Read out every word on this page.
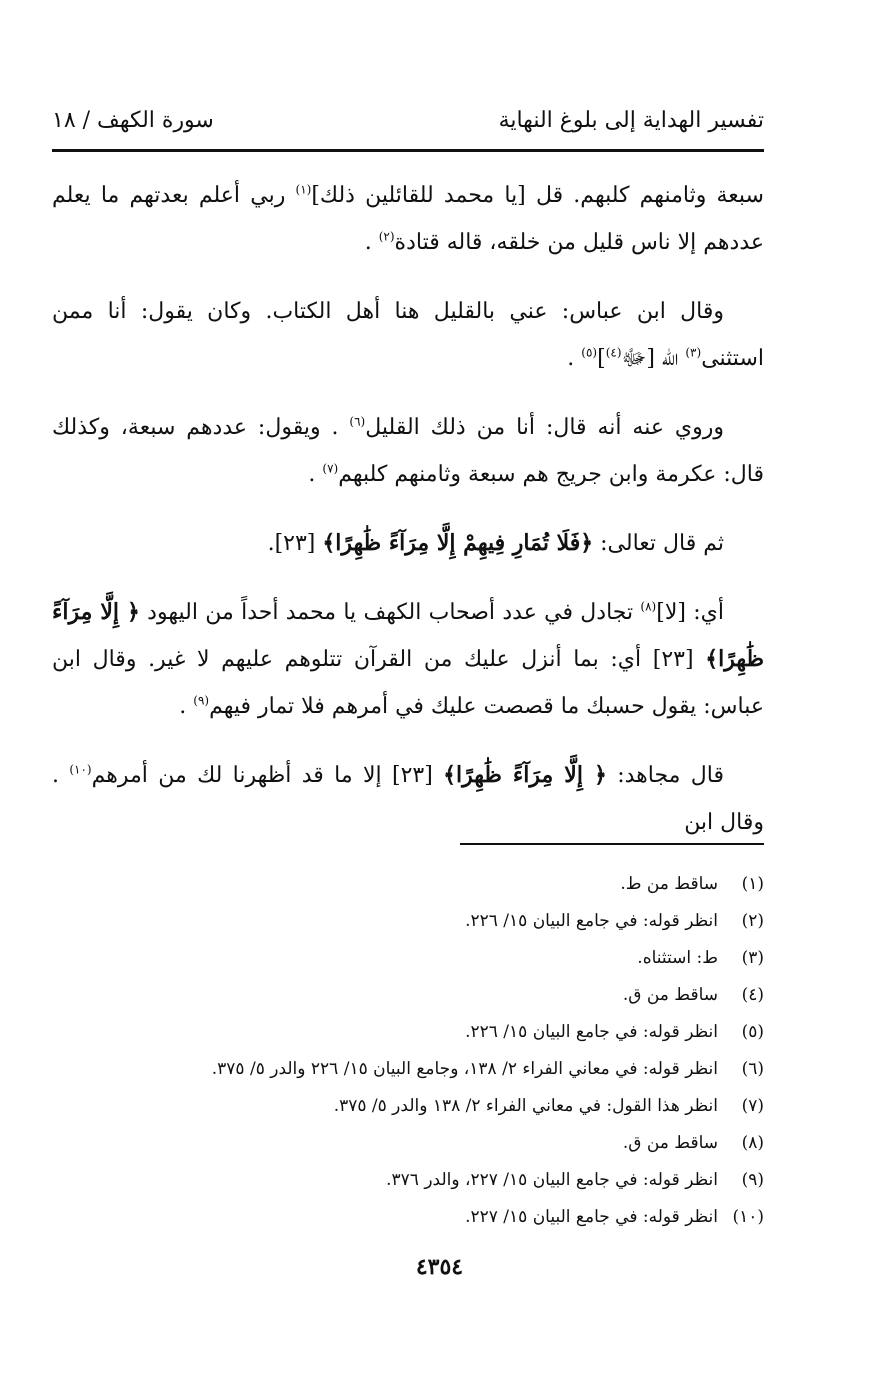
تفسير الهداية إلى بلوغ النهاية
سورة الكهف / ١٨

سبعة وثامنهم كلبهم. قل [يا محمد للقائلين ذلك]$^{(١)}$ ربي أعلم بعدتهم ما يعلم عددهم إلا ناس قليل من خلقه، قاله قتادة$^{(٢)}$ .

وقال ابن عباس: عني بالقليل هنا أهل الكتاب. وكان يقول: أنا ممن استثنى$^{(٣)}$ الله [ﷻ$^{(٤)}$]$^{(٥)}$ .

وروي عنه أنه قال: أنا من ذلك القليل$^{(٦)}$ . ويقول: عددهم سبعة، وكذلك قال: عكرمة وابن جريج هم سبعة وثامنهم كلبهم$^{(٧)}$ .

ثم قال تعالى: ﴿فَلَا تُمَارِ فِيهِمْ إِلَّا مِرَآءً ظَٰهِرًا﴾ [٢٣].

أي: [لا]$^{(٨)}$ تجادل في عدد أصحاب الكهف يا محمد أحداً من اليهود ﴿ إِلَّا مِرَآءً ظَٰهِرًا﴾ [٢٣] أي: بما أنزل عليك من القرآن تتلوهم عليهم لا غير. وقال ابن عباس: يقول حسبك ما قصصت عليك في أمرهم فلا تمار فيهم$^{(٩)}$ .

قال مجاهد: ﴿ إِلَّا مِرَآءً ظَٰهِرًا﴾ [٢٣] إلا ما قد أظهرنا لك من أمرهم$^{(١٠)}$ . وقال ابن

(١)ساقط من ط.
(٢)انظر قوله: في جامع البيان ١٥/ ٢٢٦.
(٣)ط: استثناه.
(٤)ساقط من ق.
(٥)انظر قوله: في جامع البيان ١٥/ ٢٢٦.
(٦)انظر قوله: في معاني الفراء ٢/ ١٣٨، وجامع البيان ١٥/ ٢٢٦ والدر ٥/ ٣٧٥.
(٧)انظر هذا القول: في معاني الفراء ٢/ ١٣٨ والدر ٥/ ٣٧٥.
(٨)ساقط من ق.
(٩)انظر قوله: في جامع البيان ١٥/ ٢٢٧، والدر ٣٧٦.
(١٠)انظر قوله: في جامع البيان ١٥/ ٢٢٧.
٤٣٥٤
